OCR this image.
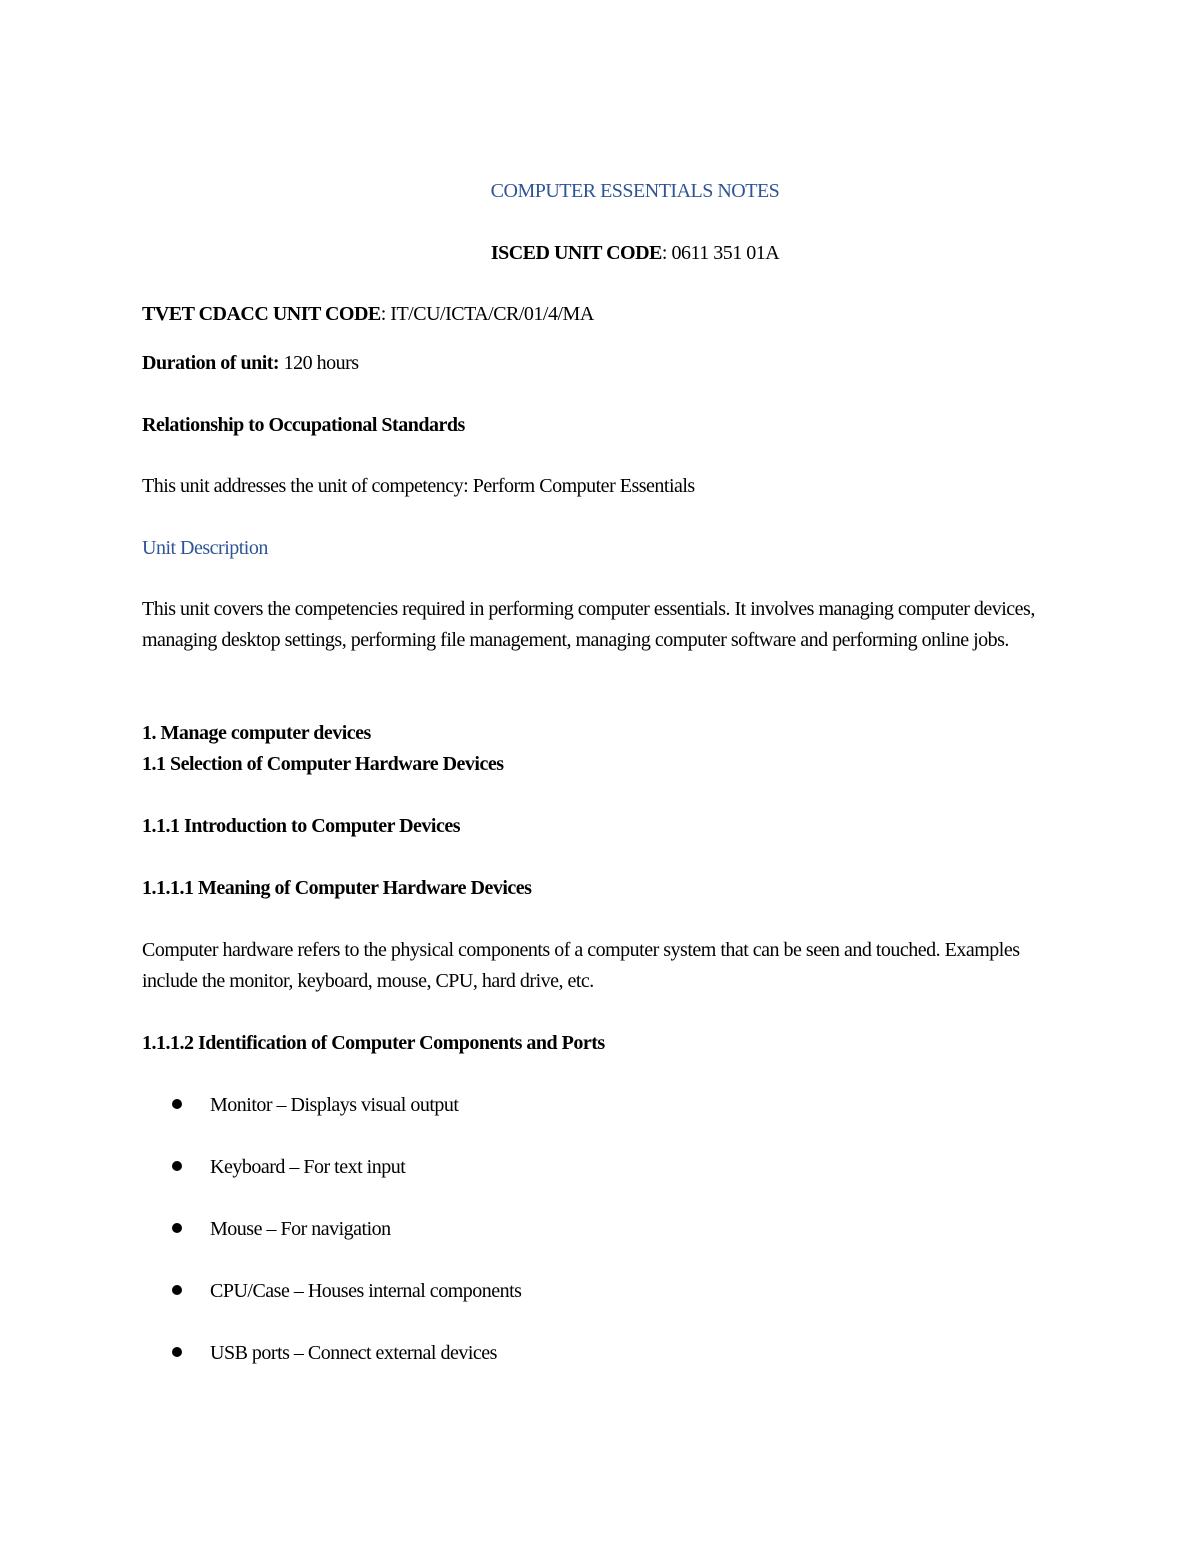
COMPUTER ESSENTIALS NOTES
ISCED UNIT CODE: 0611 351 01A
TVET CDACC UNIT CODE: IT/CU/ICTA/CR/01/4/MA
Duration of unit: 120 hours
Relationship to Occupational Standards
This unit addresses the unit of competency: Perform Computer Essentials
Unit Description
This unit covers the competencies required in performing computer essentials. It involves managing computer devices, managing desktop settings, performing file management, managing computer software and performing online jobs.
1. Manage computer devices
1.1 Selection of Computer Hardware Devices
1.1.1 Introduction to Computer Devices
1.1.1.1 Meaning of Computer Hardware Devices
Computer hardware refers to the physical components of a computer system that can be seen and touched. Examples include the monitor, keyboard, mouse, CPU, hard drive, etc.
1.1.1.2 Identification of Computer Components and Ports
Monitor – Displays visual output
Keyboard – For text input
Mouse – For navigation
CPU/Case – Houses internal components
USB ports – Connect external devices
